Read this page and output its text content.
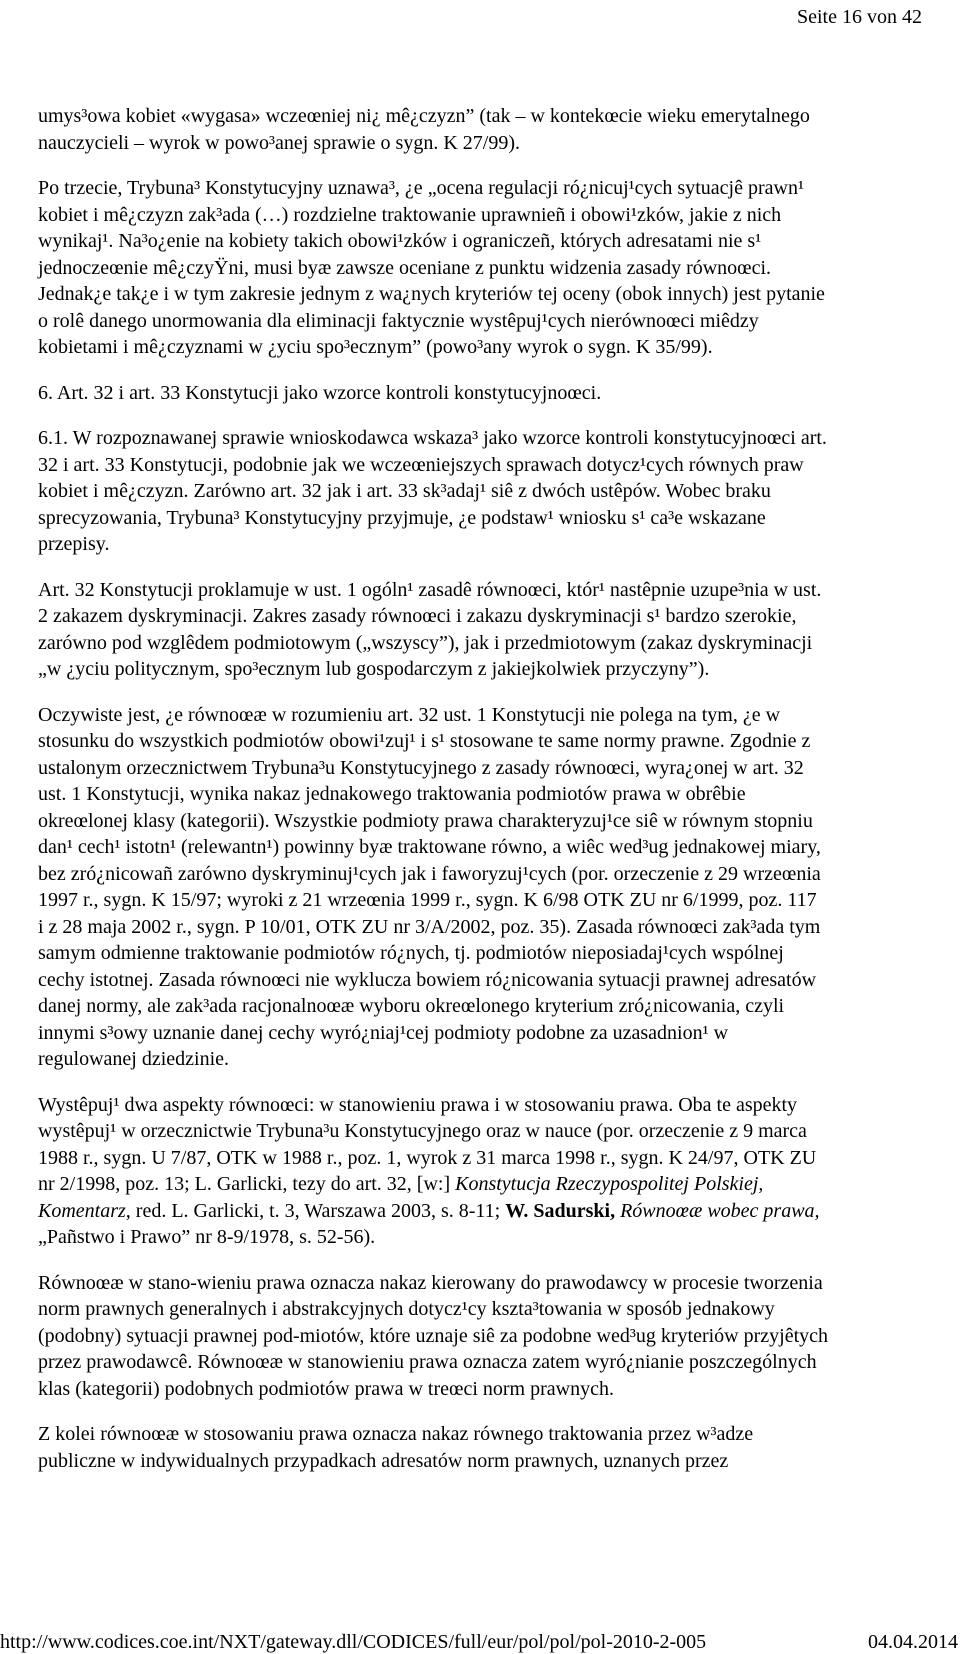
Seite 16 von 42

umys³owa kobiet «wygasa» wczeœniej ni¿ mê¿czyzn” (tak – w kontekœcie wieku emerytalnego
nauczycieli – wyrok w powo³anej sprawie o sygn. K 27/99).

Po trzecie, Trybuna³ Konstytucyjny uznawa³, ¿e „ocena regulacji ró¿nicuj¹cych sytuacjê prawn¹
kobiet i mê¿czyzn zak³ada (…) rozdzielne traktowanie uprawnieñ i obowi¹zków, jakie z nich
wynikaj¹. Na³o¿enie na kobiety takich obowi¹zków i ograniczeñ, których adresatami nie s¹
jednoczeœnie mê¿czyŸni, musi byæ zawsze oceniane z punktu widzenia zasady równoœci.
Jednak¿e tak¿e i w tym zakresie jednym z wa¿nych kryteriów tej oceny (obok innych) jest pytanie
o rolê danego unormowania dla eliminacji faktycznie wystêpuj¹cych nierównoœci miêdzy
kobietami i mê¿czyznami w ¿yciu spo³ecznym” (powo³any wyrok o sygn. K 35/99).

6. Art. 32 i art. 33 Konstytucji jako wzorce kontroli konstytucyjnoœci.

6.1. W rozpoznawanej sprawie wnioskodawca wskaza³ jako wzorce kontroli konstytucyjnoœci art.
32 i art. 33 Konstytucji, podobnie jak we wczeœniejszych sprawach dotycz¹cych równych praw
kobiet i mê¿czyzn. Zarówno art. 32 jak i art. 33 sk³adaj¹ siê z dwóch ustêpów. Wobec braku
sprecyzowania, Trybuna³ Konstytucyjny przyjmuje, ¿e podstaw¹ wniosku s¹ ca³e wskazane
przepisy.

Art. 32 Konstytucji proklamuje w ust. 1 ogóln¹ zasadê równoœci, któr¹ nastêpnie uzupe³nia w ust.
2 zakazem dyskryminacji. Zakres zasady równoœci i zakazu dyskryminacji s¹ bardzo szerokie,
zarówno pod wzglêdem podmiotowym („wszyscy”), jak i przedmiotowym (zakaz dyskryminacji
„w ¿yciu politycznym, spo³ecznym lub gospodarczym z jakiejkolwiek przyczyny”).

Oczywiste jest, ¿e równoœæ w rozumieniu art. 32 ust. 1 Konstytucji nie polega na tym, ¿e w
stosunku do wszystkich podmiotów obowi¹zuj¹ i s¹ stosowane te same normy prawne. Zgodnie z
ustalonym orzecznictwem Trybuna³u Konstytucyjnego z zasady równoœci, wyra¿onej w art. 32
ust. 1 Konstytucji, wynika nakaz jednakowego traktowania podmiotów prawa w obrêbie
okreœlonej klasy (kategorii). Wszystkie podmioty prawa charakteryzuj¹ce siê w równym stopniu
dan¹ cech¹ istotn¹ (relewantn¹) powinny byæ traktowane równo, a wiêc wed³ug jednakowej miary,
bez zró¿nicowañ zarówno dyskryminuj¹cych jak i faworyzuj¹cych (por. orzeczenie z 29 wrzeœnia
1997 r., sygn. K 15/97; wyroki z 21 wrzeœnia 1999 r., sygn. K 6/98 OTK ZU nr 6/1999, poz. 117
i z 28 maja 2002 r., sygn. P 10/01, OTK ZU nr 3/A/2002, poz. 35). Zasada równoœci zak³ada tym
samym odmienne traktowanie podmiotów ró¿nych, tj. podmiotów nieposiadaj¹cych wspólnej
cechy istotnej. Zasada równoœci nie wyklucza bowiem ró¿nicowania sytuacji prawnej adresatów
danej normy, ale zak³ada racjonalnoœæ wyboru okreœlonego kryterium zró¿nicowania, czyli
innymi s³owy uznanie danej cechy wyró¿niaj¹cej podmioty podobne za uzasadnion¹ w
regulowanej dziedzinie.

Wystêpuj¹ dwa aspekty równoœci: w stanowieniu prawa i w stosowaniu prawa. Oba te aspekty
wystêpuj¹ w orzecznictwie Trybuna³u Konstytucyjnego oraz w nauce (por. orzeczenie z 9 marca
1988 r., sygn. U 7/87, OTK w 1988 r., poz. 1, wyrok z 31 marca 1998 r., sygn. K 24/97, OTK ZU
nr 2/1998, poz. 13; L. Garlicki, tezy do art. 32, [w:] Konstytucja Rzeczypospolitej Polskiej,
Komentarz, red. L. Garlicki, t. 3, Warszawa 2003, s. 8-11; W. Sadurski, Równoœæ wobec prawa,
„Pañstwo i Prawo” nr 8-9/1978, s. 52-56).

Równoœæ w stano-wieniu prawa oznacza nakaz kierowany do prawodawcy w procesie tworzenia
norm prawnych generalnych i abstrakcyjnych dotycz¹cy kszta³towania w sposób jednakowy
(podobny) sytuacji prawnej pod-miotów, które uznaje siê za podobne wed³ug kryteriów przyjêtych
przez prawodawcê. Równoœæ w stanowieniu prawa oznacza zatem wyró¿nianie poszczególnych
klas (kategorii) podobnych podmiotów prawa w treœci norm prawnych.

Z kolei równoœæ w stosowaniu prawa oznacza nakaz równego traktowania przez w³adze
publiczne w indywidualnych przypadkach adresatów norm prawnych, uznanych przez

http://www.codices.coe.int/NXT/gateway.dll/CODICES/full/eur/pol/pol/pol-2010-2-005	04.04.2014
